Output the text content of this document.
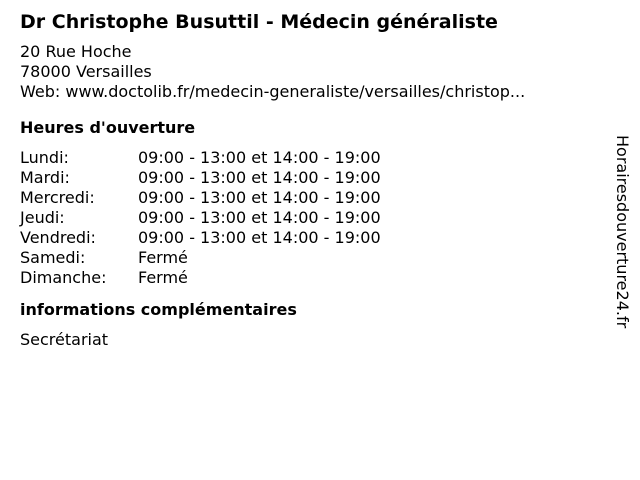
Dr Christophe Busuttil - Médecin généraliste
20 Rue Hoche
78000 Versailles
Web: www.doctolib.fr/medecin-generaliste/versailles/christop...
Heures d'ouverture
Lundi:	09:00 - 13:00 et 14:00 - 19:00
Mardi:	09:00 - 13:00 et 14:00 - 19:00
Mercredi:	09:00 - 13:00 et 14:00 - 19:00
Jeudi:	09:00 - 13:00 et 14:00 - 19:00
Vendredi:	09:00 - 13:00 et 14:00 - 19:00
Samedi:	Fermé
Dimanche:	Fermé
informations complémentaires
Secrétariat
Horairesdouverture24.fr
